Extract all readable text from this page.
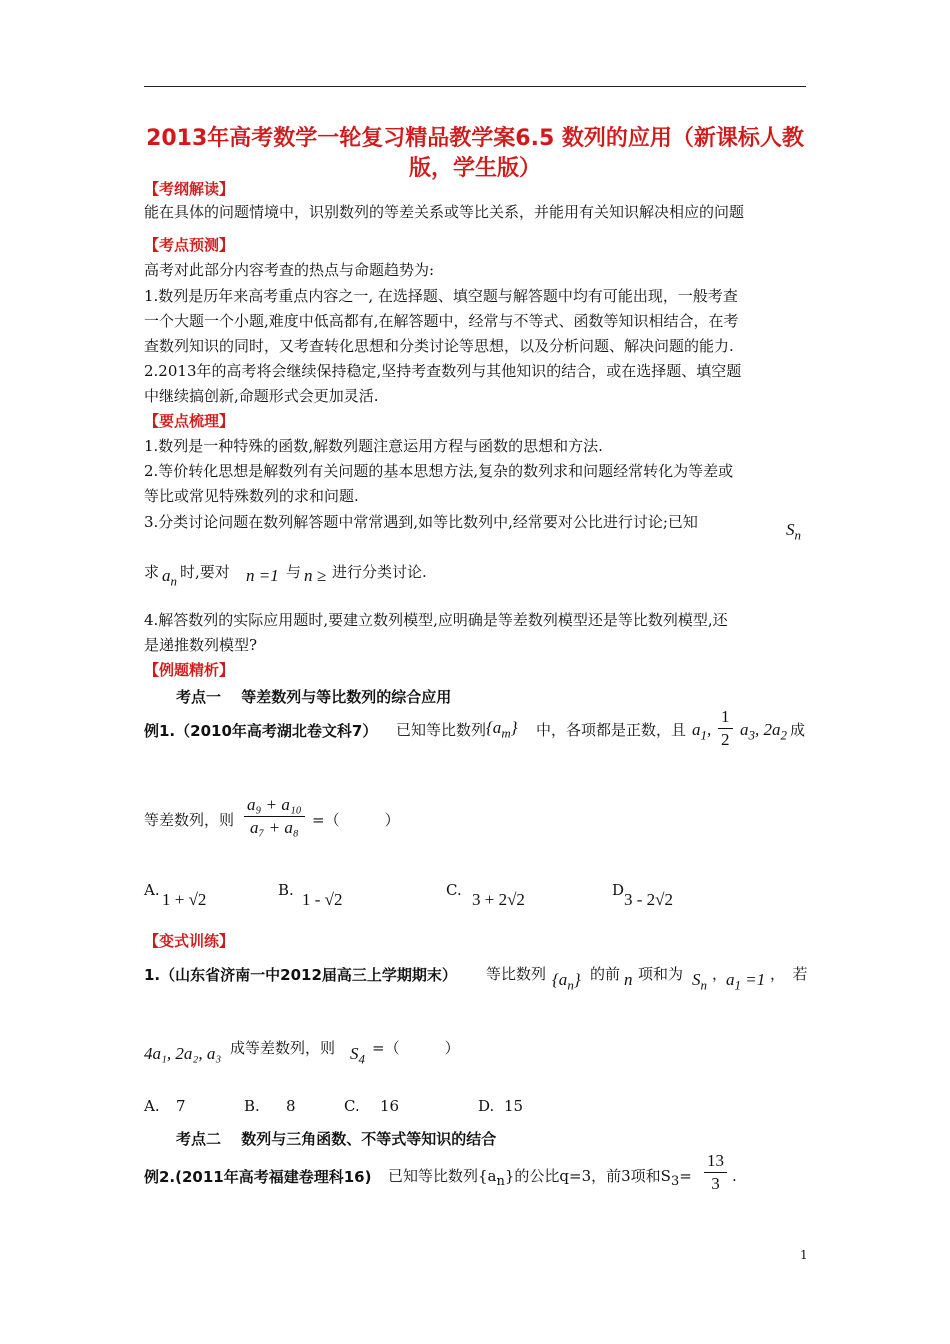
2013年高考数学一轮复习精品教学案6.5 数列的应用（新课标人教版，学生版）
【考纲解读】
能在具体的问题情境中，识别数列的等差关系或等比关系，并能用有关知识解决相应的问题
【考点预测】
高考对此部分内容考查的热点与命题趋势为:
1.数列是历年来高考重点内容之一, 在选择题、填空题与解答题中均有可能出现，一般考查
一个大题一个小题,难度中低高都有,在解答题中，经常与不等式、函数等知识相结合，在考
查数列知识的同时，又考查转化思想和分类讨论等思想，以及分析问题、解决问题的能力.
2.2013年的高考将会继续保持稳定,坚持考查数列与其他知识的结合，或在选择题、填空题
中继续搞创新,命题形式会更加灵活.
【要点梳理】
1.数列是一种特殊的函数,解数列题注意运用方程与函数的思想和方法.
2.等价转化思想是解数列有关问题的基本思想方法,复杂的数列求和问题经常转化为等差或
等比或常见特殊数列的求和问题.
3.分类讨论问题在数列解答题中常常遇到,如等比数列中,经常要对公比进行讨论;已知	$S_n$
求 $a_n$ 时,要对 n =1 与 n ≥ 进行分类讨论.
4.解答数列的实际应用题时,要建立数列模型,应明确是等差数列模型还是等比数列模型,还
是递推数列模型?
【例题精析】
考点一　 等差数列与等比数列的综合应用
例1.（2010年高考湖北卷文科7） 已知等比数列 $\{a_m\}$ 中，各项都是正数，且 $a_1$, $\frac{1}{2} a_3$, $2a_2$ 成
等差数列，则 $\frac{\text{a₉ + a₁₀}}{\text{a₇ + a₈}}$ =（　　　）
A. 1 + √2	B. 1 - √2	C. 3 + 2√2	D 3 - 2√2
【变式训练】
1.（山东省济南一中2012届高三上学期期末） 等比数列 $\{a_n\}$ 的前 n 项和为 $S_n$
，
$a_1 =1$ ，　若
4a₁, 2a₂, a₃ 成等差数列，则 $S_4$
=（　　　）
A. 7	B. 8	C. 16	D. 15
考点二　 数列与三角函数、不等式等知识的结合
例2.(2011年高考福建卷理科16) 已知等比数列$\{a_n\}$的公比q=3，前3项和$S_3= \frac{13}{3}$ .
1
